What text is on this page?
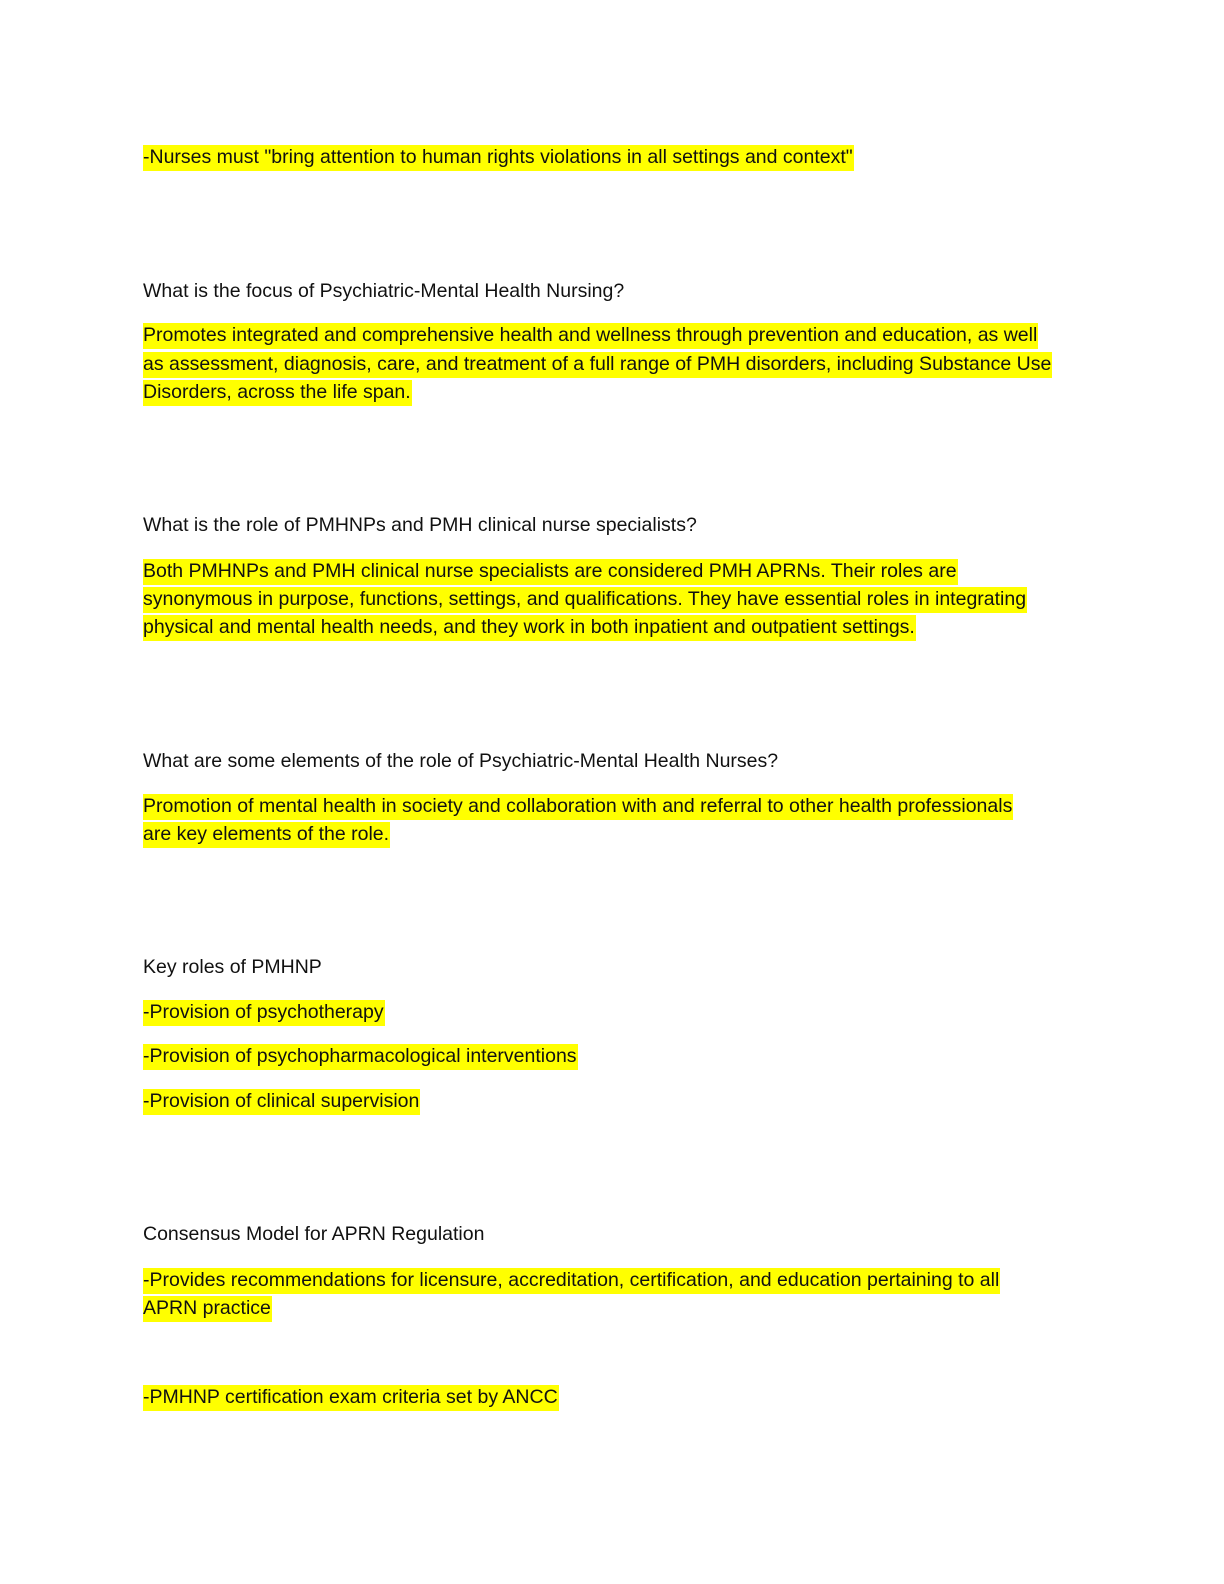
-Nurses must "bring attention to human rights violations in all settings and context"
What is the focus of Psychiatric-Mental Health Nursing?
Promotes integrated and comprehensive health and wellness through prevention and education, as well
as assessment, diagnosis, care, and treatment of a full range of PMH disorders, including Substance Use
Disorders, across the life span.
What is the role of PMHNPs and PMH clinical nurse specialists?
Both PMHNPs and PMH clinical nurse specialists are considered PMH APRNs. Their roles are
synonymous in purpose, functions, settings, and qualifications. They have essential roles in integrating
physical and mental health needs, and they work in both inpatient and outpatient settings.
What are some elements of the role of Psychiatric-Mental Health Nurses?
Promotion of mental health in society and collaboration with and referral to other health professionals
are key elements of the role.
Key roles of PMHNP
-Provision of psychotherapy
-Provision of psychopharmacological interventions
-Provision of clinical supervision
Consensus Model for APRN Regulation
-Provides recommendations for licensure, accreditation, certification, and education pertaining to all
APRN practice
-PMHNP certification exam criteria set by ANCC
